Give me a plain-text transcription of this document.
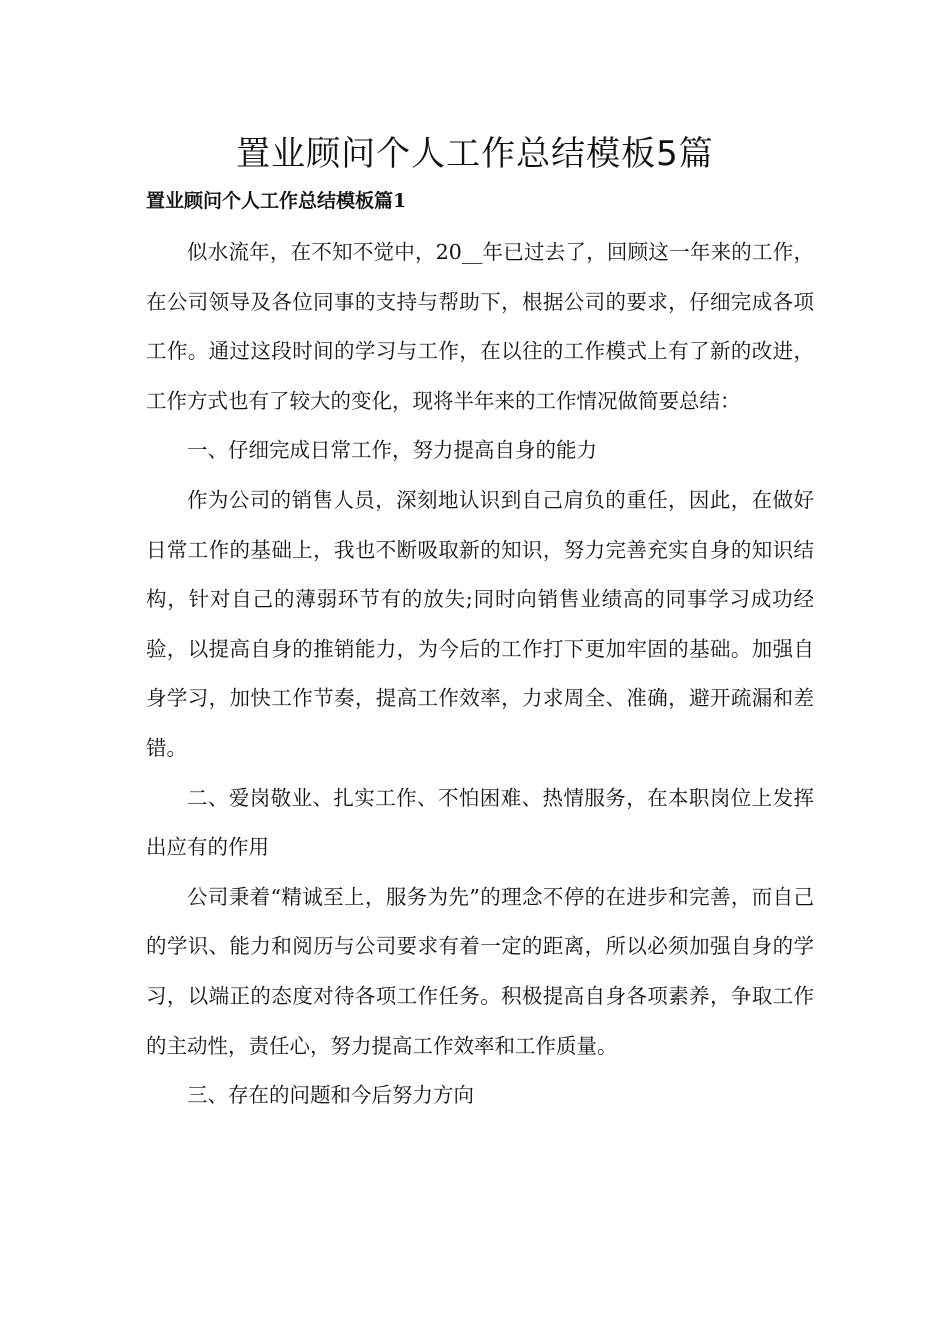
置业顾问个人工作总结模板5篇
置业顾问个人工作总结模板篇1

似水流年，在不知不觉中，20__年已过去了，回顾这一年来的工作，在公司领导及各位同事的支持与帮助下，根据公司的要求，仔细完成各项工作。通过这段时间的学习与工作，在以往的工作模式上有了新的改进，工作方式也有了较大的变化，现将半年来的工作情况做简要总结：

一、仔细完成日常工作，努力提高自身的能力

作为公司的销售人员，深刻地认识到自己肩负的重任，因此，在做好日常工作的基础上，我也不断吸取新的知识，努力完善充实自身的知识结构，针对自己的薄弱环节有的放失;同时向销售业绩高的同事学习成功经验，以提高自身的推销能力，为今后的工作打下更加牢固的基础。加强自身学习，加快工作节奏，提高工作效率，力求周全、准确，避开疏漏和差错。

二、爱岗敬业、扎实工作、不怕困难、热情服务，在本职岗位上发挥出应有的作用

公司秉着“精诚至上，服务为先”的理念不停的在进步和完善，而自己的学识、能力和阅历与公司要求有着一定的距离，所以必须加强自身的学习，以端正的态度对待各项工作任务。积极提高自身各项素养，争取工作的主动性，责任心，努力提高工作效率和工作质量。

三、存在的问题和今后努力方向
